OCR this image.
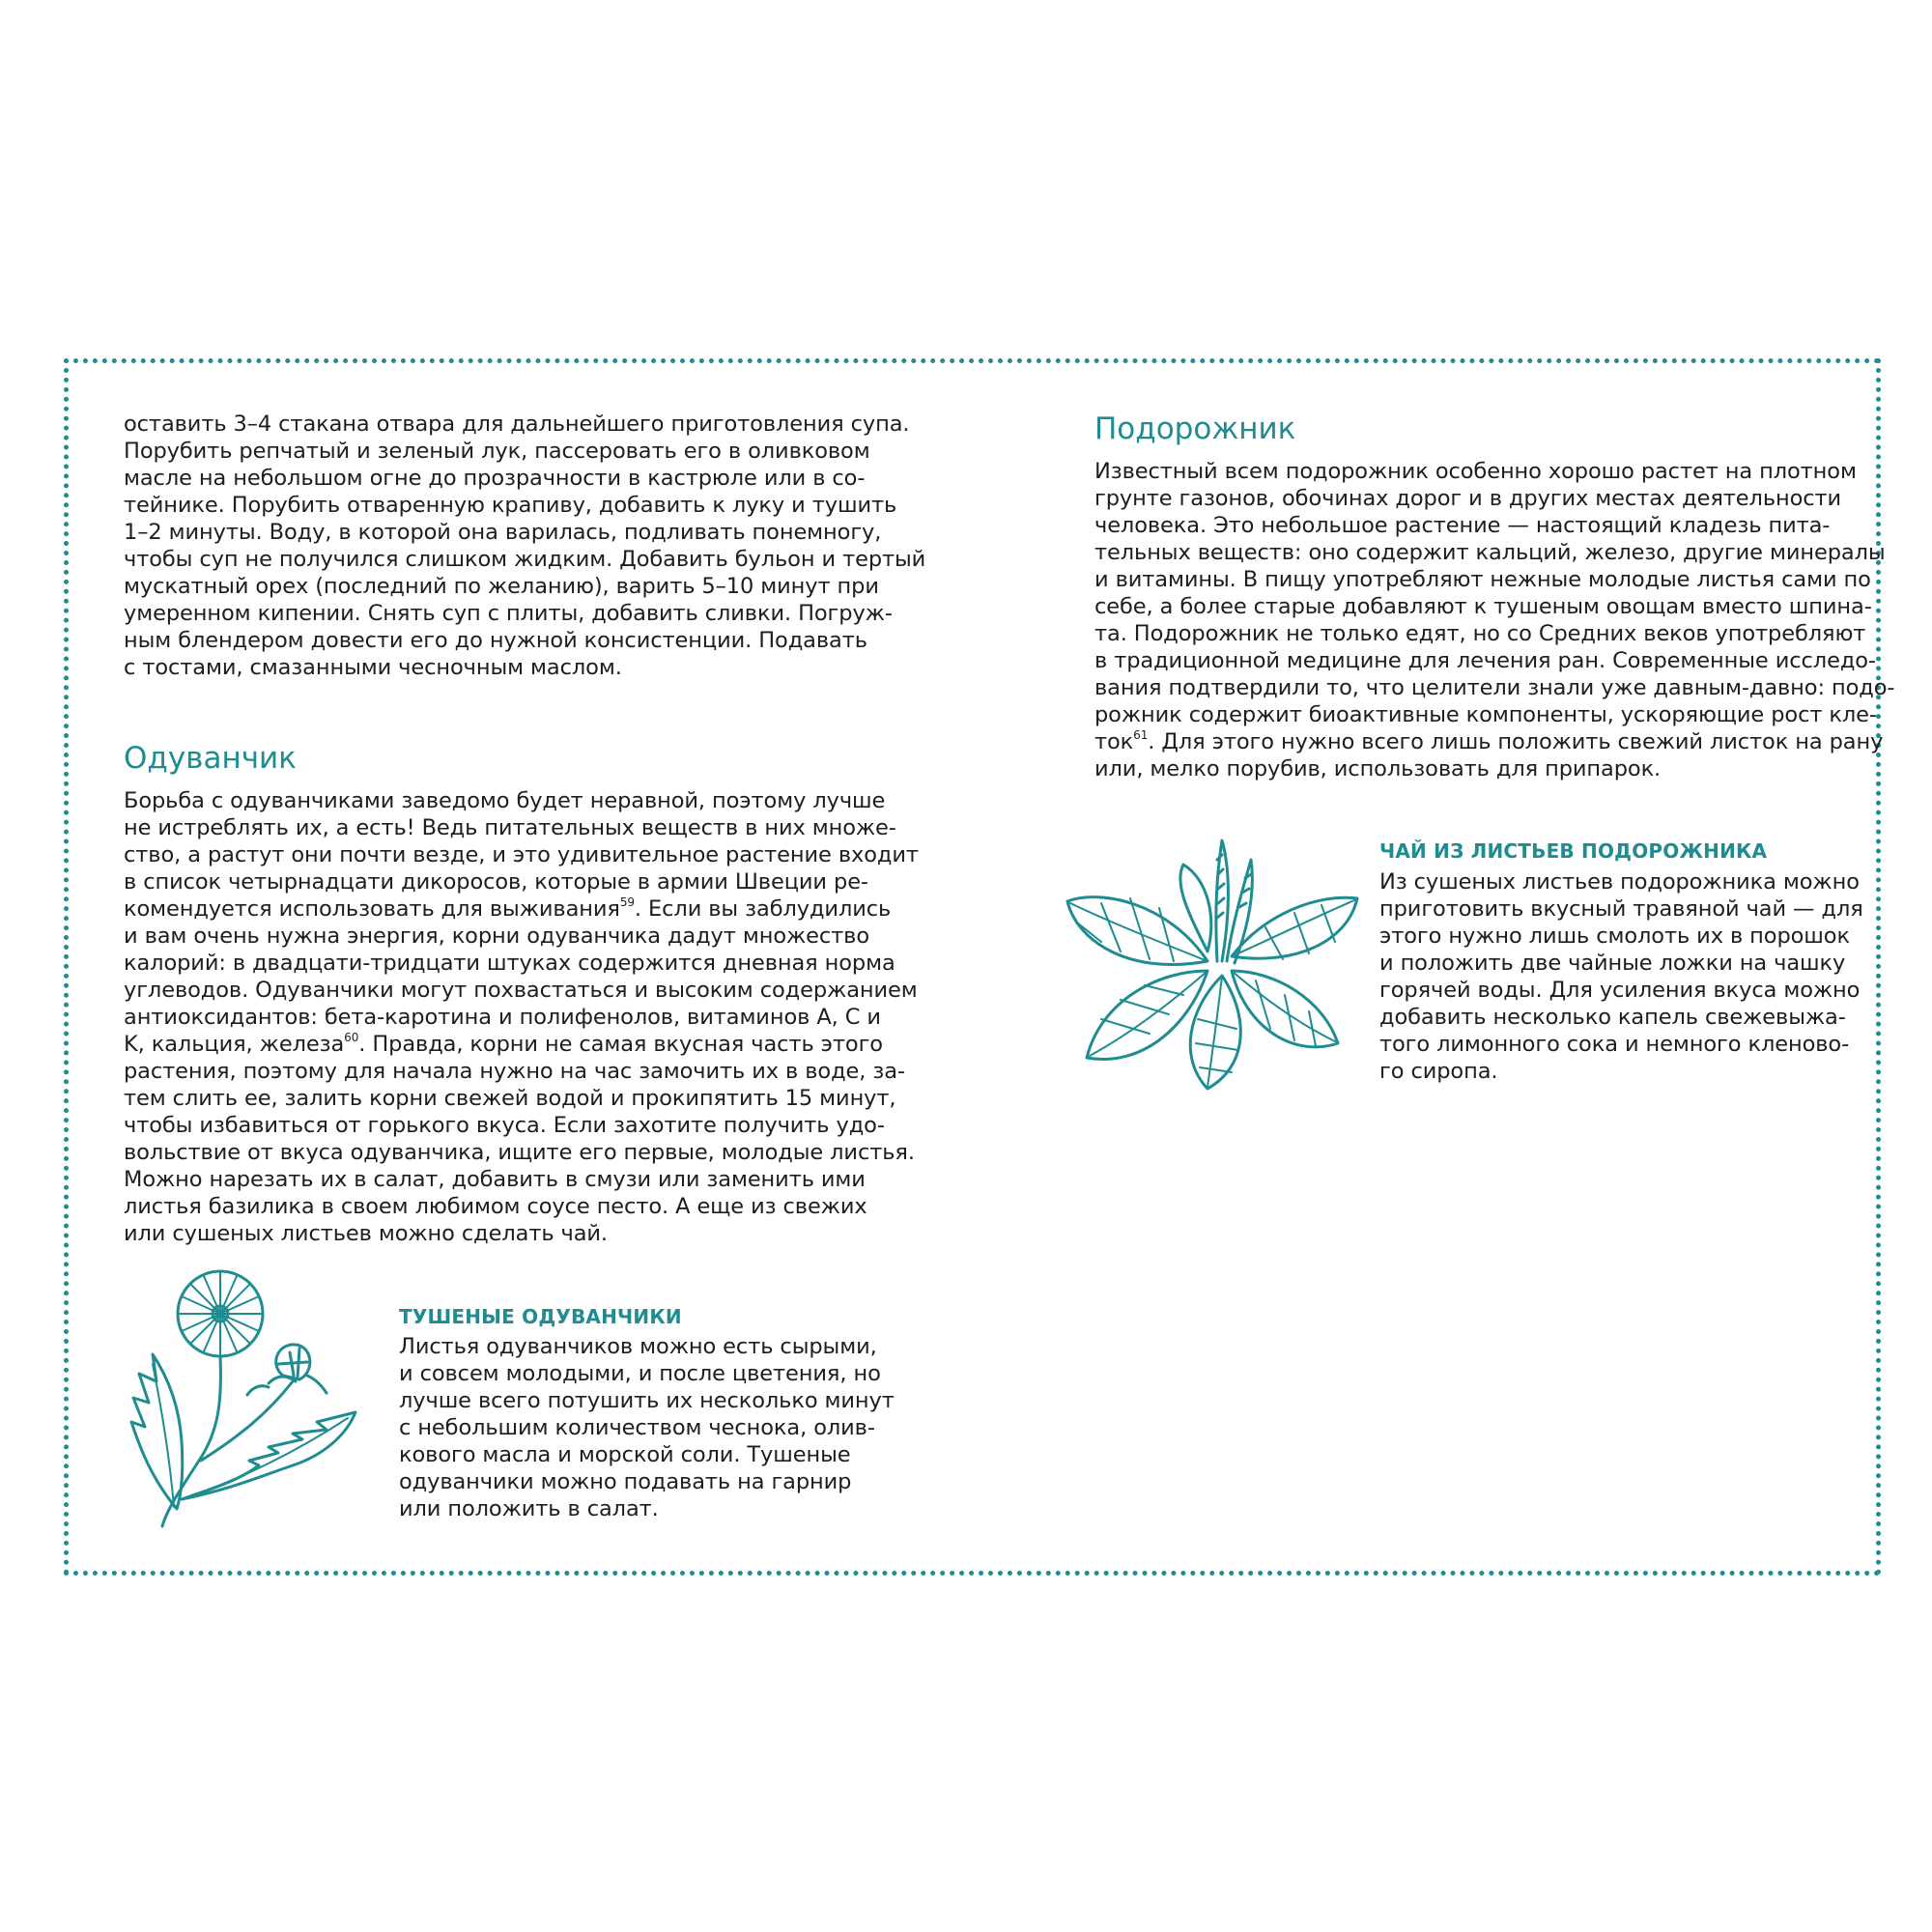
оставить 3–4 стакана отвара для дальнейшего приготовления супа.
Порубить репчатый и зеленый лук, пассеровать его в оливковом
масле на небольшом огне до прозрачности в кастрюле или в со-
тейнике. Порубить отваренную крапиву, добавить к луку и тушить
1–2 минуты. Воду, в которой она варилась, подливать понемногу,
чтобы суп не получился слишком жидким. Добавить бульон и тертый
мускатный орех (последний по желанию), варить 5–10 минут при
умеренном кипении. Снять суп с плиты, добавить сливки. Погруж-
ным блендером довести его до нужной консистенции. Подавать
с тостами, смазанными чесночным маслом.

Одуванчик

Борьба с одуванчиками заведомо будет неравной, поэтому лучше
не истреблять их, а есть! Ведь питательных веществ в них множе-
ство, а растут они почти везде, и это удивительное растение входит
в список четырнадцати дикоросов, которые в армии Швеции ре-
комендуется использовать для выживания$^{59}$. Если вы заблудились
и вам очень нужна энергия, корни одуванчика дадут множество
калорий: в двадцати-тридцати штуках содержится дневная норма
углеводов. Одуванчики могут похвастаться и высоким содержанием
антиоксидантов: бета-каротина и полифенолов, витаминов A, C и
K, кальция, железа$^{60}$. Правда, корни не самая вкусная часть этого
растения, поэтому для начала нужно на час замочить их в воде, за-
тем слить ее, залить корни свежей водой и прокипятить 15 минут,
чтобы избавиться от горького вкуса. Если захотите получить удо-
вольствие от вкуса одуванчика, ищите его первые, молодые листья.
Можно нарезать их в салат, добавить в смузи или заменить ими
листья базилика в своем любимом соусе песто. А еще из свежих
или сушеных листьев можно сделать чай.

ТУШЕНЫЕ ОДУВАНЧИКИ

Листья одуванчиков можно есть сырыми,
и совсем молодыми, и после цветения, но
лучше всего потушить их несколько минут
с небольшим количеством чеснока, олив-
кового масла и морской соли. Тушеные
одуванчики можно подавать на гарнир
или положить в салат.

Подорожник

Известный всем подорожник особенно хорошо растет на плотном
грунте газонов, обочинах дорог и в других местах деятельности
человека. Это небольшое растение — настоящий кладезь пита-
тельных веществ: оно содержит кальций, железо, другие минералы
и витамины. В пищу употребляют нежные молодые листья сами по
себе, а более старые добавляют к тушеным овощам вместо шпина-
та. Подорожник не только едят, но со Средних веков употребляют
в традиционной медицине для лечения ран. Современные исследо-
вания подтвердили то, что целители знали уже давным-давно: подо-
рожник содержит биоактивные компоненты, ускоряющие рост кле-
ток$^{61}$. Для этого нужно всего лишь положить свежий листок на рану
или, мелко порубив, использовать для припарок.

ЧАЙ ИЗ ЛИСТЬЕВ ПОДОРОЖНИКА

Из сушеных листьев подорожника можно
приготовить вкусный травяной чай — для
этого нужно лишь смолоть их в порошок
и положить две чайные ложки на чашку
горячей воды. Для усиления вкуса можно
добавить несколько капель свежевыжа-
того лимонного сока и немного кленово-
го сиропа.
